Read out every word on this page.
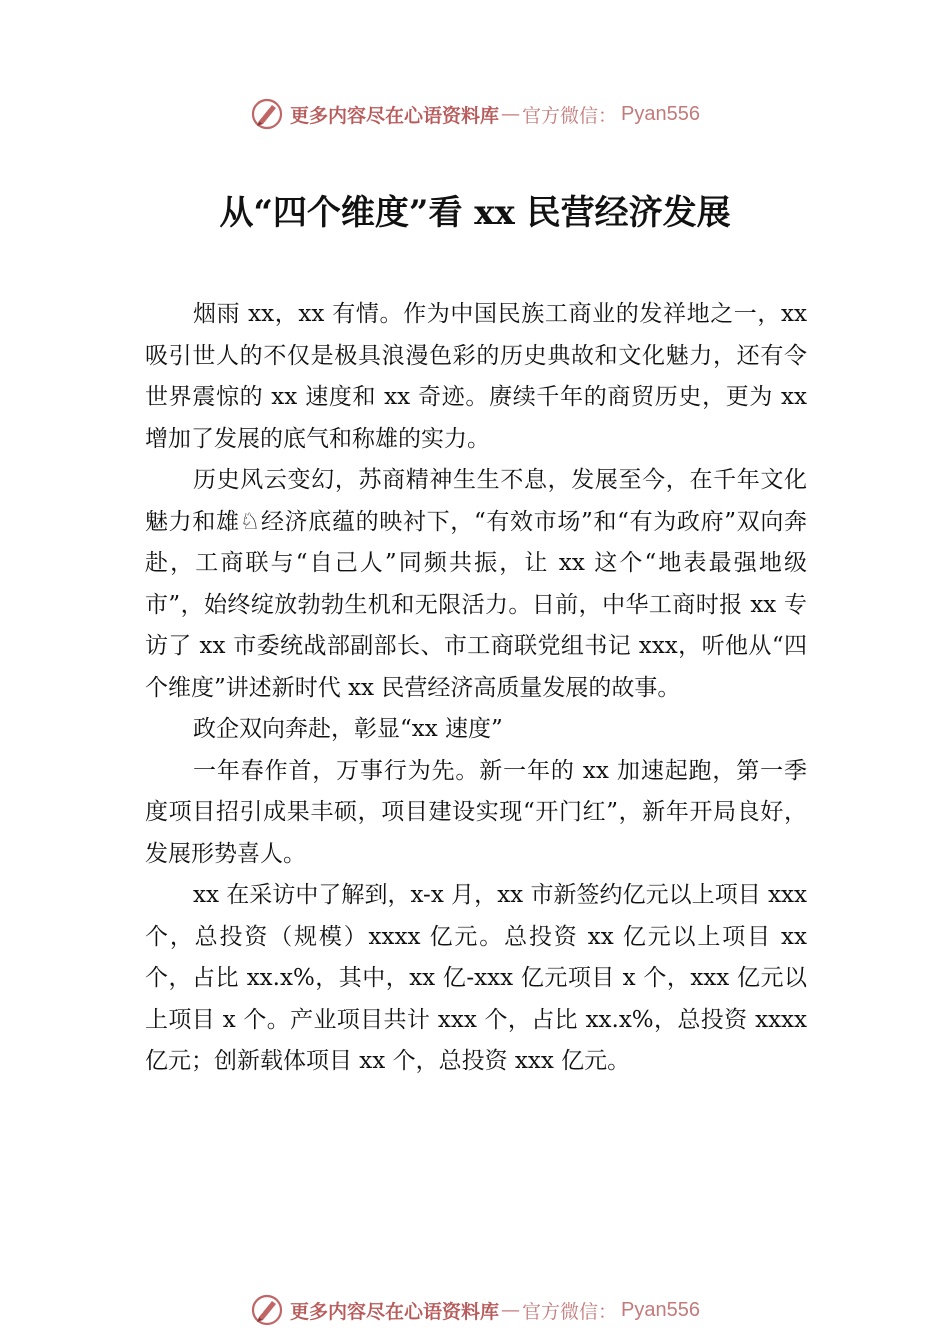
更多内容尽在心语资料库 — 官方微信： Pyan556
从“四个维度”看 xx 民营经济发展

烟雨 xx，xx 有情。作为中国民族工商业的发祥地之一，xx 吸引世人的不仅是极具浪漫色彩的历史典故和文化魅力，还有令世界震惊的 xx 速度和 xx 奇迹。赓续千年的商贸历史，更为 xx 增加了发展的底气和称雄的实力。

历史风云变幻，苏商精神生生不息，发展至今，在千年文化魅力和雄♘经济底蕴的映衬下，“有效市场”和“有为政府”双向奔赴，工商联与“自己人”同频共振，让 xx 这个“地表最强地级市”，始终绽放勃勃生机和无限活力。日前，中华工商时报 xx 专访了 xx 市委统战部副部长、市工商联党组书记 xxx，听他从“四个维度”讲述新时代 xx 民营经济高质量发展的故事。

政企双向奔赴，彰显“xx 速度”

一年春作首，万事行为先。新一年的 xx 加速起跑，第一季度项目招引成果丰硕，项目建设实现“开门红”，新年开局良好，发展形势喜人。

xx 在采访中了解到，x-x 月，xx 市新签约亿元以上项目 xxx 个，总投资（规模）xxxx 亿元。总投资 xx 亿元以上项目 xx 个，占比 xx.x%，其中，xx 亿-xxx 亿元项目 x 个，xxx 亿元以上项目 x 个。产业项目共计 xxx 个，占比 xx.x%，总投资 xxxx 亿元；创新载体项目 xx 个，总投资 xxx 亿元。

更多内容尽在心语资料库 — 官方微信： Pyan556
